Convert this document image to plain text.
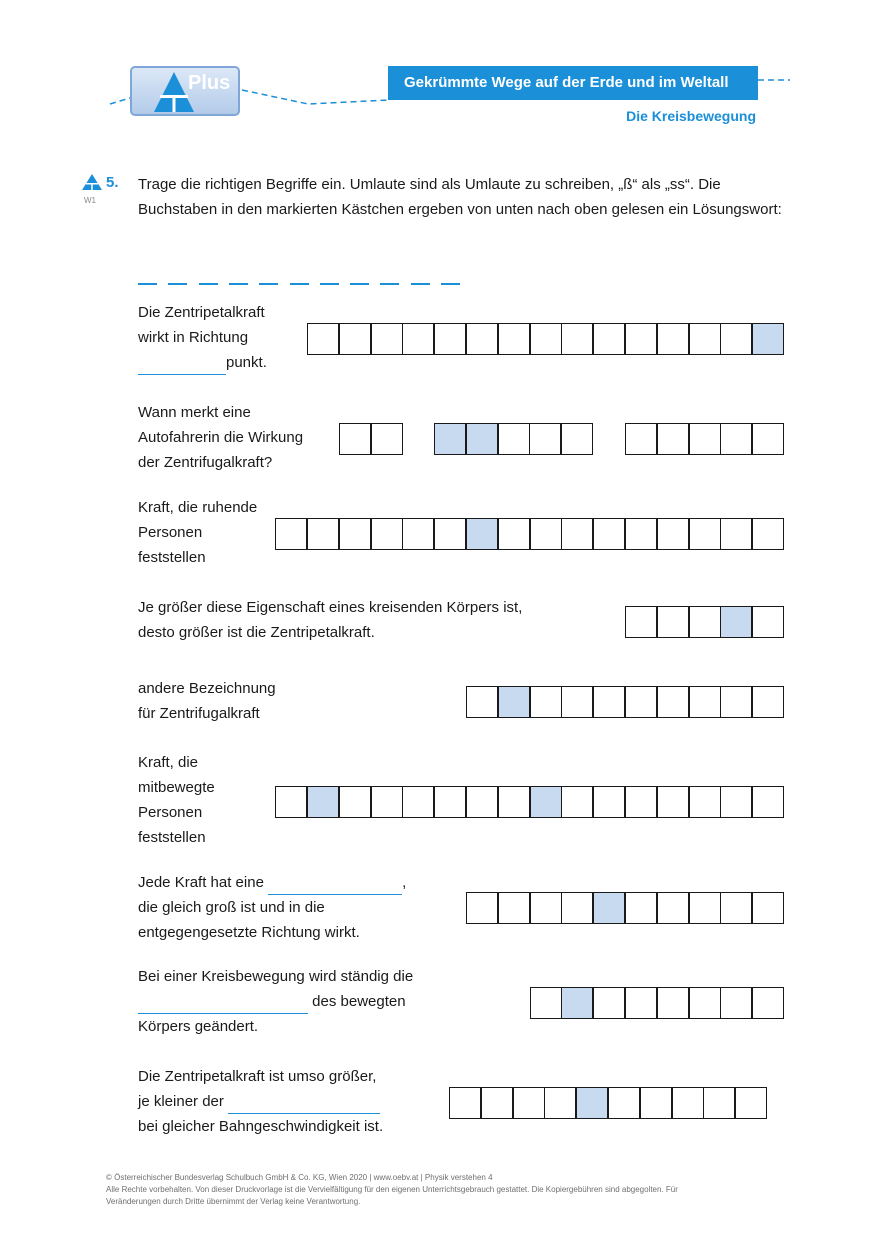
Plus	Gekrümmte Wege auf der Erde und im Weltall
Die Kreisbewegung
5.
W1
Trage die richtigen Begriffe ein. Umlaute sind als Umlaute zu schreiben, „ß“ als „ss“. Die Buchstaben in den markierten Kästchen ergeben von unten nach oben gelesen ein Lösungswort:
Die Zentripetalkraft
wirkt in Richtung
punkt.
Wann merkt eine
Autofahrerin die Wirkung
der Zentrifugalkraft?
Kraft, die ruhende
Personen
feststellen
Je größer diese Eigenschaft eines kreisenden Körpers ist,
desto größer ist die Zentripetalkraft.
andere Bezeichnung
für Zentrifugalkraft
Kraft, die
mitbewegte
Personen
feststellen
Jede Kraft hat eine	,
die gleich groß ist und in die
entgegengesetzte Richtung wirkt.
Bei einer Kreisbewegung wird ständig die
des bewegten
Körpers geändert.
Die Zentripetalkraft ist umso größer,
je kleiner der
bei gleicher Bahngeschwindigkeit ist.
© Österreichischer Bundesverlag Schulbuch GmbH & Co. KG, Wien 2020 | www.oebv.at | Physik verstehen 4
Alle Rechte vorbehalten. Von dieser Druckvorlage ist die Vervielfältigung für den eigenen Unterrichtsgebrauch gestattet. Die Kopiergebühren sind abgegolten. Für
Veränderungen durch Dritte übernimmt der Verlag keine Verantwortung.
